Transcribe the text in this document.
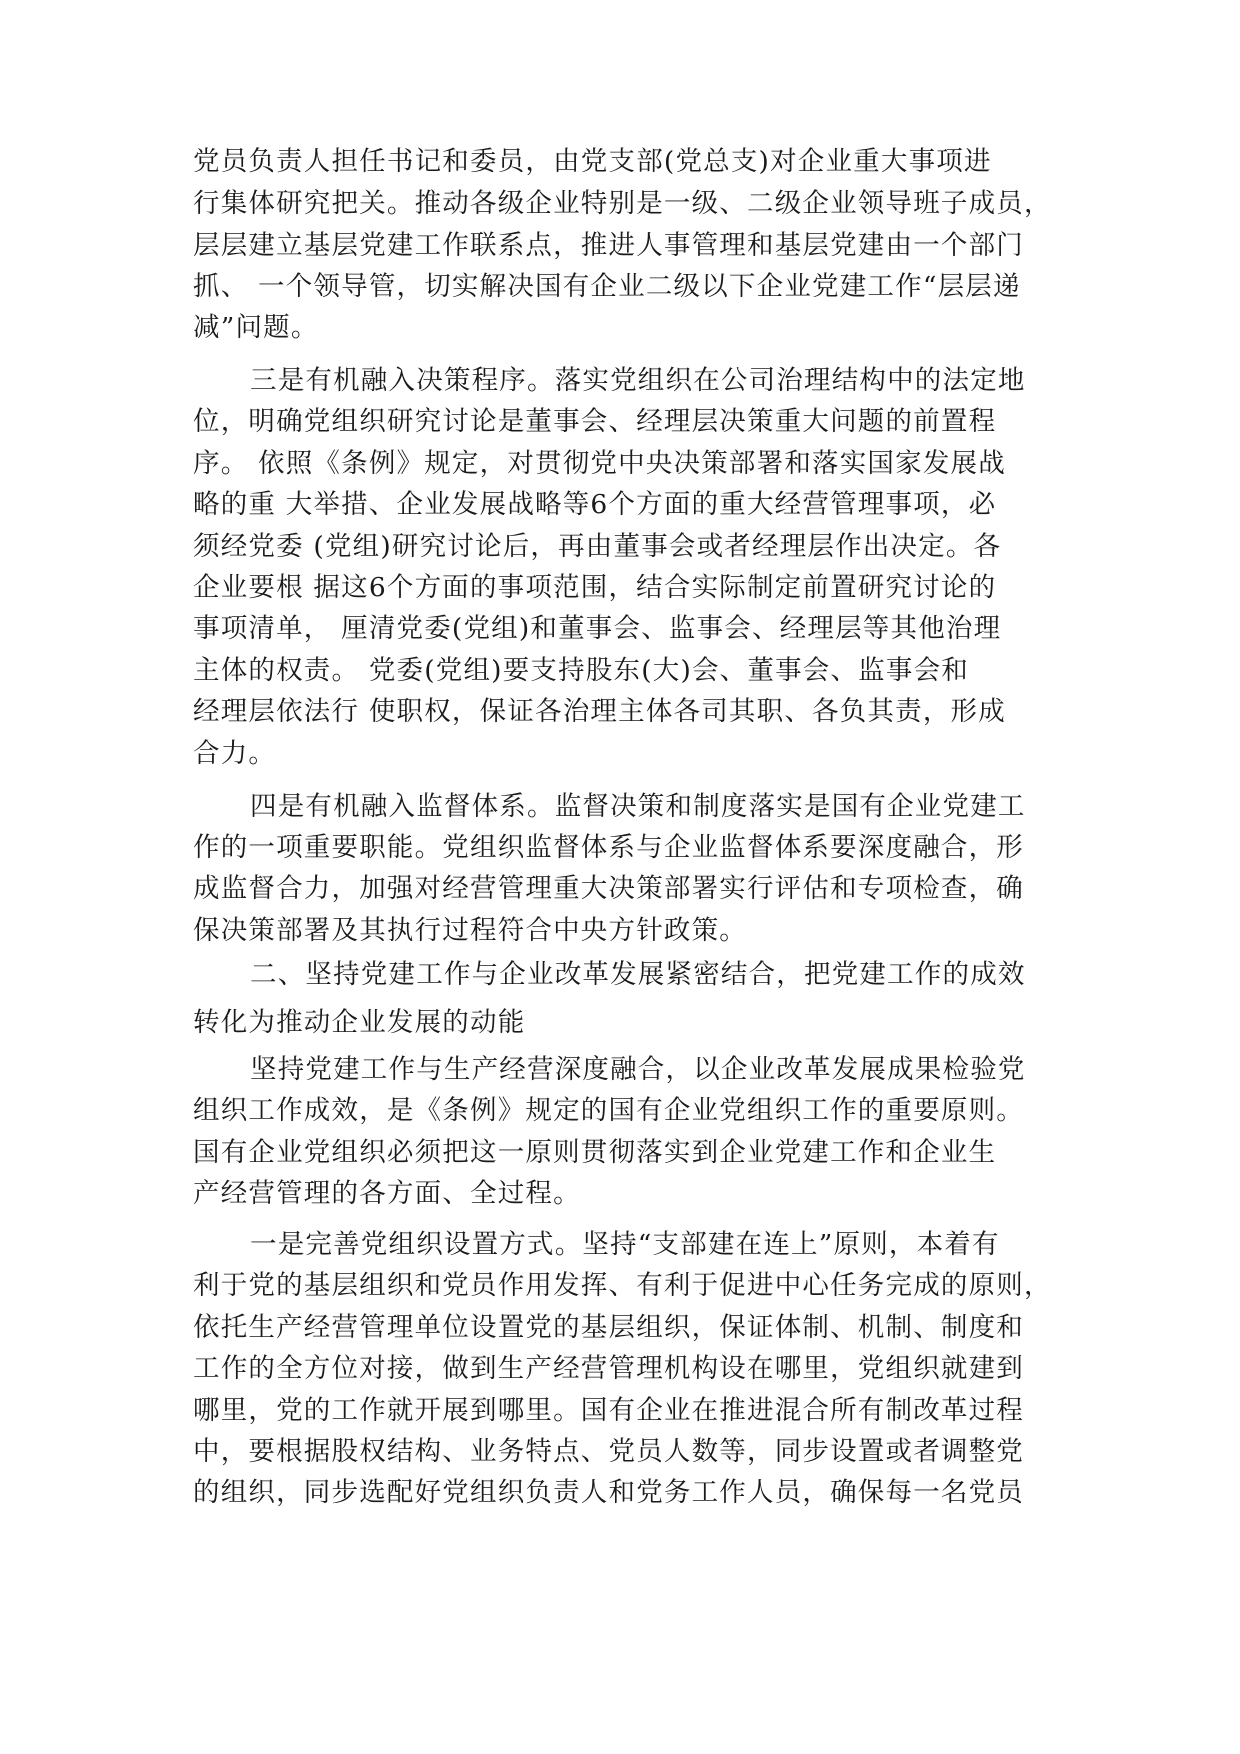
党员负责人担任书记和委员，由党支部(党总支)对企业重大事项进
行集体研究把关。推动各级企业特别是一级、二级企业领导班子成员，
层层建立基层党建工作联系点，推进人事管理和基层党建由一个部门
抓、 一个领导管，切实解决国有企业二级以下企业党建工作“层层递
减”问题。
三是有机融入决策程序。落实党组织在公司治理结构中的法定地
位，明确党组织研究讨论是董事会、经理层决策重大问题的前置程
序。 依照《条例》规定，对贯彻党中央决策部署和落实国家发展战
略的重 大举措、企业发展战略等6个方面的重大经营管理事项，必
须经党委 (党组)研究讨论后，再由董事会或者经理层作出决定。各
企业要根 据这6个方面的事项范围，结合实际制定前置研究讨论的
事项清单， 厘清党委(党组)和董事会、监事会、经理层等其他治理
主体的权责。 党委(党组)要支持股东(大)会、董事会、监事会和
经理层依法行 使职权，保证各治理主体各司其职、各负其责，形成
合力。
四是有机融入监督体系。监督决策和制度落实是国有企业党建工
作的一项重要职能。党组织监督体系与企业监督体系要深度融合，形
成监督合力，加强对经营管理重大决策部署实行评估和专项检查，确
保决策部署及其执行过程符合中央方针政策。
二、坚持党建工作与企业改革发展紧密结合，把党建工作的成效
转化为推动企业发展的动能
坚持党建工作与生产经营深度融合，以企业改革发展成果检验党
组织工作成效，是《条例》规定的国有企业党组织工作的重要原则。
国有企业党组织必须把这一原则贯彻落实到企业党建工作和企业生
产经营管理的各方面、全过程。
一是完善党组织设置方式。坚持“支部建在连上”原则，本着有
利于党的基层组织和党员作用发挥、有利于促进中心任务完成的原则，
依托生产经营管理单位设置党的基层组织，保证体制、机制、制度和
工作的全方位对接，做到生产经营管理机构设在哪里，党组织就建到
哪里，党的工作就开展到哪里。国有企业在推进混合所有制改革过程
中，要根据股权结构、业务特点、党员人数等，同步设置或者调整党
的组织，同步选配好党组织负责人和党务工作人员，确保每一名党员
